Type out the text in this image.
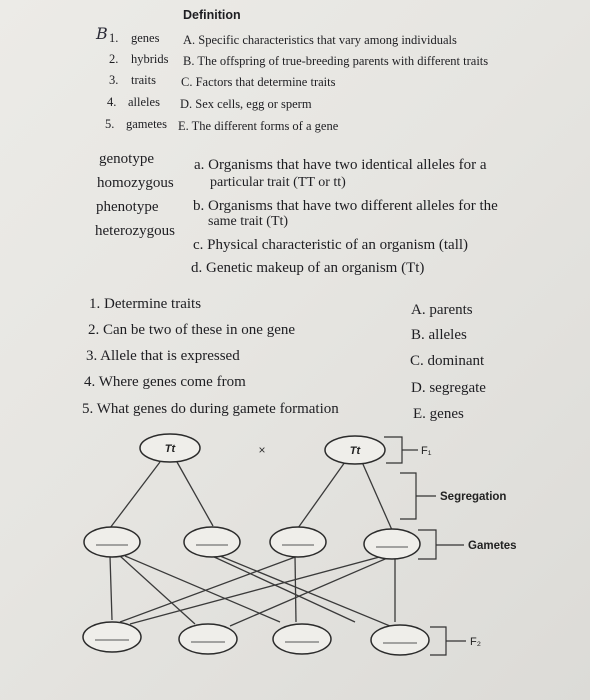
Definition
B 1. genes
2. hybrids
3. traits
4. alleles
5. gametes
A. Specific characteristics that vary among individuals
B. The offspring of true-breeding parents with different traits
C. Factors that determine traits
D. Sex cells, egg or sperm
E. The different forms of a gene
genotype
homozygous
phenotype
heterozygous
a. Organisms that have two identical alleles for a
particular trait (TT or tt)
b. Organisms that have two different alleles for the
same trait (Tt)
c. Physical characteristic of an organism (tall)
d. Genetic makeup of an organism (Tt)
1. Determine traits
2. Can be two of these in one gene
3. Allele that is expressed
4. Where genes come from
5. What genes do during gamete formation
A. parents
B. alleles
C. dominant
D. segregate
E. genes
Tt	Tt
×	F₁
Segregation
Gametes
F₂
